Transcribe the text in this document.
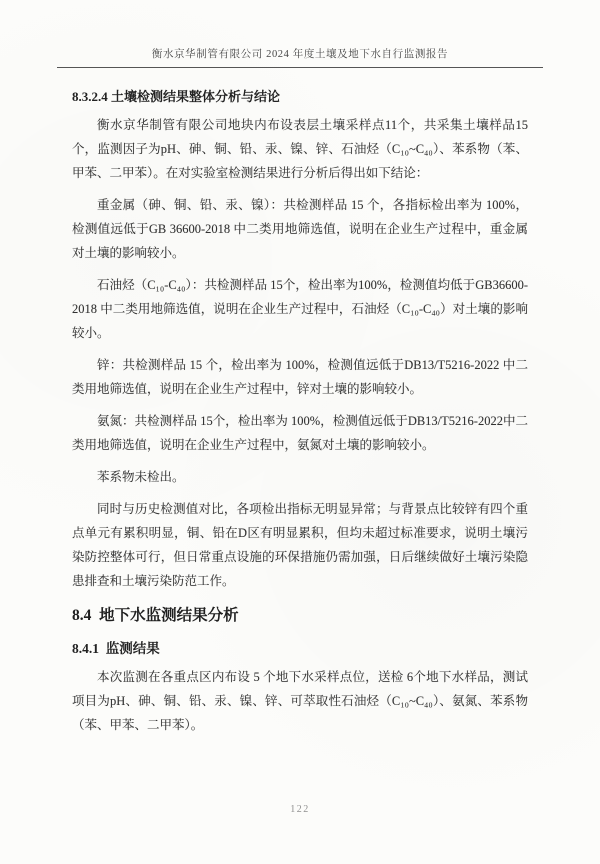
衡水京华制管有限公司 2024 年度土壤及地下水自行监测报告
8.3.2.4 土壤检测结果整体分析与结论

衡水京华制管有限公司地块内布设表层土壤采样点11个，共采集土壤样品15个，监测因子为pH、砷、铜、铅、汞、镍、锌、石油烃（C₁₀~C₄₀）、苯系物（苯、甲苯、二甲苯）。在对实验室检测结果进行分析后得出如下结论：

重金属（砷、铜、铅、汞、镍）：共检测样品 15 个，各指标检出率为 100%，检测值远低于GB 36600-2018 中二类用地筛选值，说明在企业生产过程中，重金属对土壤的影响较小。

石油烃（C₁₀-C₄₀）：共检测样品 15个，检出率为100%，检测值均低于GB36600-2018 中二类用地筛选值，说明在企业生产过程中，石油烃（C₁₀-C₄₀）对土壤的影响较小。

锌：共检测样品 15 个，检出率为 100%，检测值远低于DB13/T5216-2022 中二类用地筛选值，说明在企业生产过程中，锌对土壤的影响较小。

氨氮：共检测样品 15个，检出率为 100%，检测值远低于DB13/T5216-2022中二类用地筛选值，说明在企业生产过程中，氨氮对土壤的影响较小。

苯系物未检出。

同时与历史检测值对比，各项检出指标无明显异常；与背景点比较锌有四个重点单元有累积明显，铜、铅在D区有明显累积，但均未超过标准要求，说明土壤污染防控整体可行，但日常重点设施的环保措施仍需加强，日后继续做好土壤污染隐患排查和土壤污染防范工作。

8.4  地下水监测结果分析
8.4.1  监测结果

本次监测在各重点区内布设 5 个地下水采样点位，送检 6个地下水样品，测试项目为pH、砷、铜、铅、汞、镍、锌、可萃取性石油烃（C₁₀~C₄₀）、氨氮、苯系物（苯、甲苯、二甲苯）。

122
